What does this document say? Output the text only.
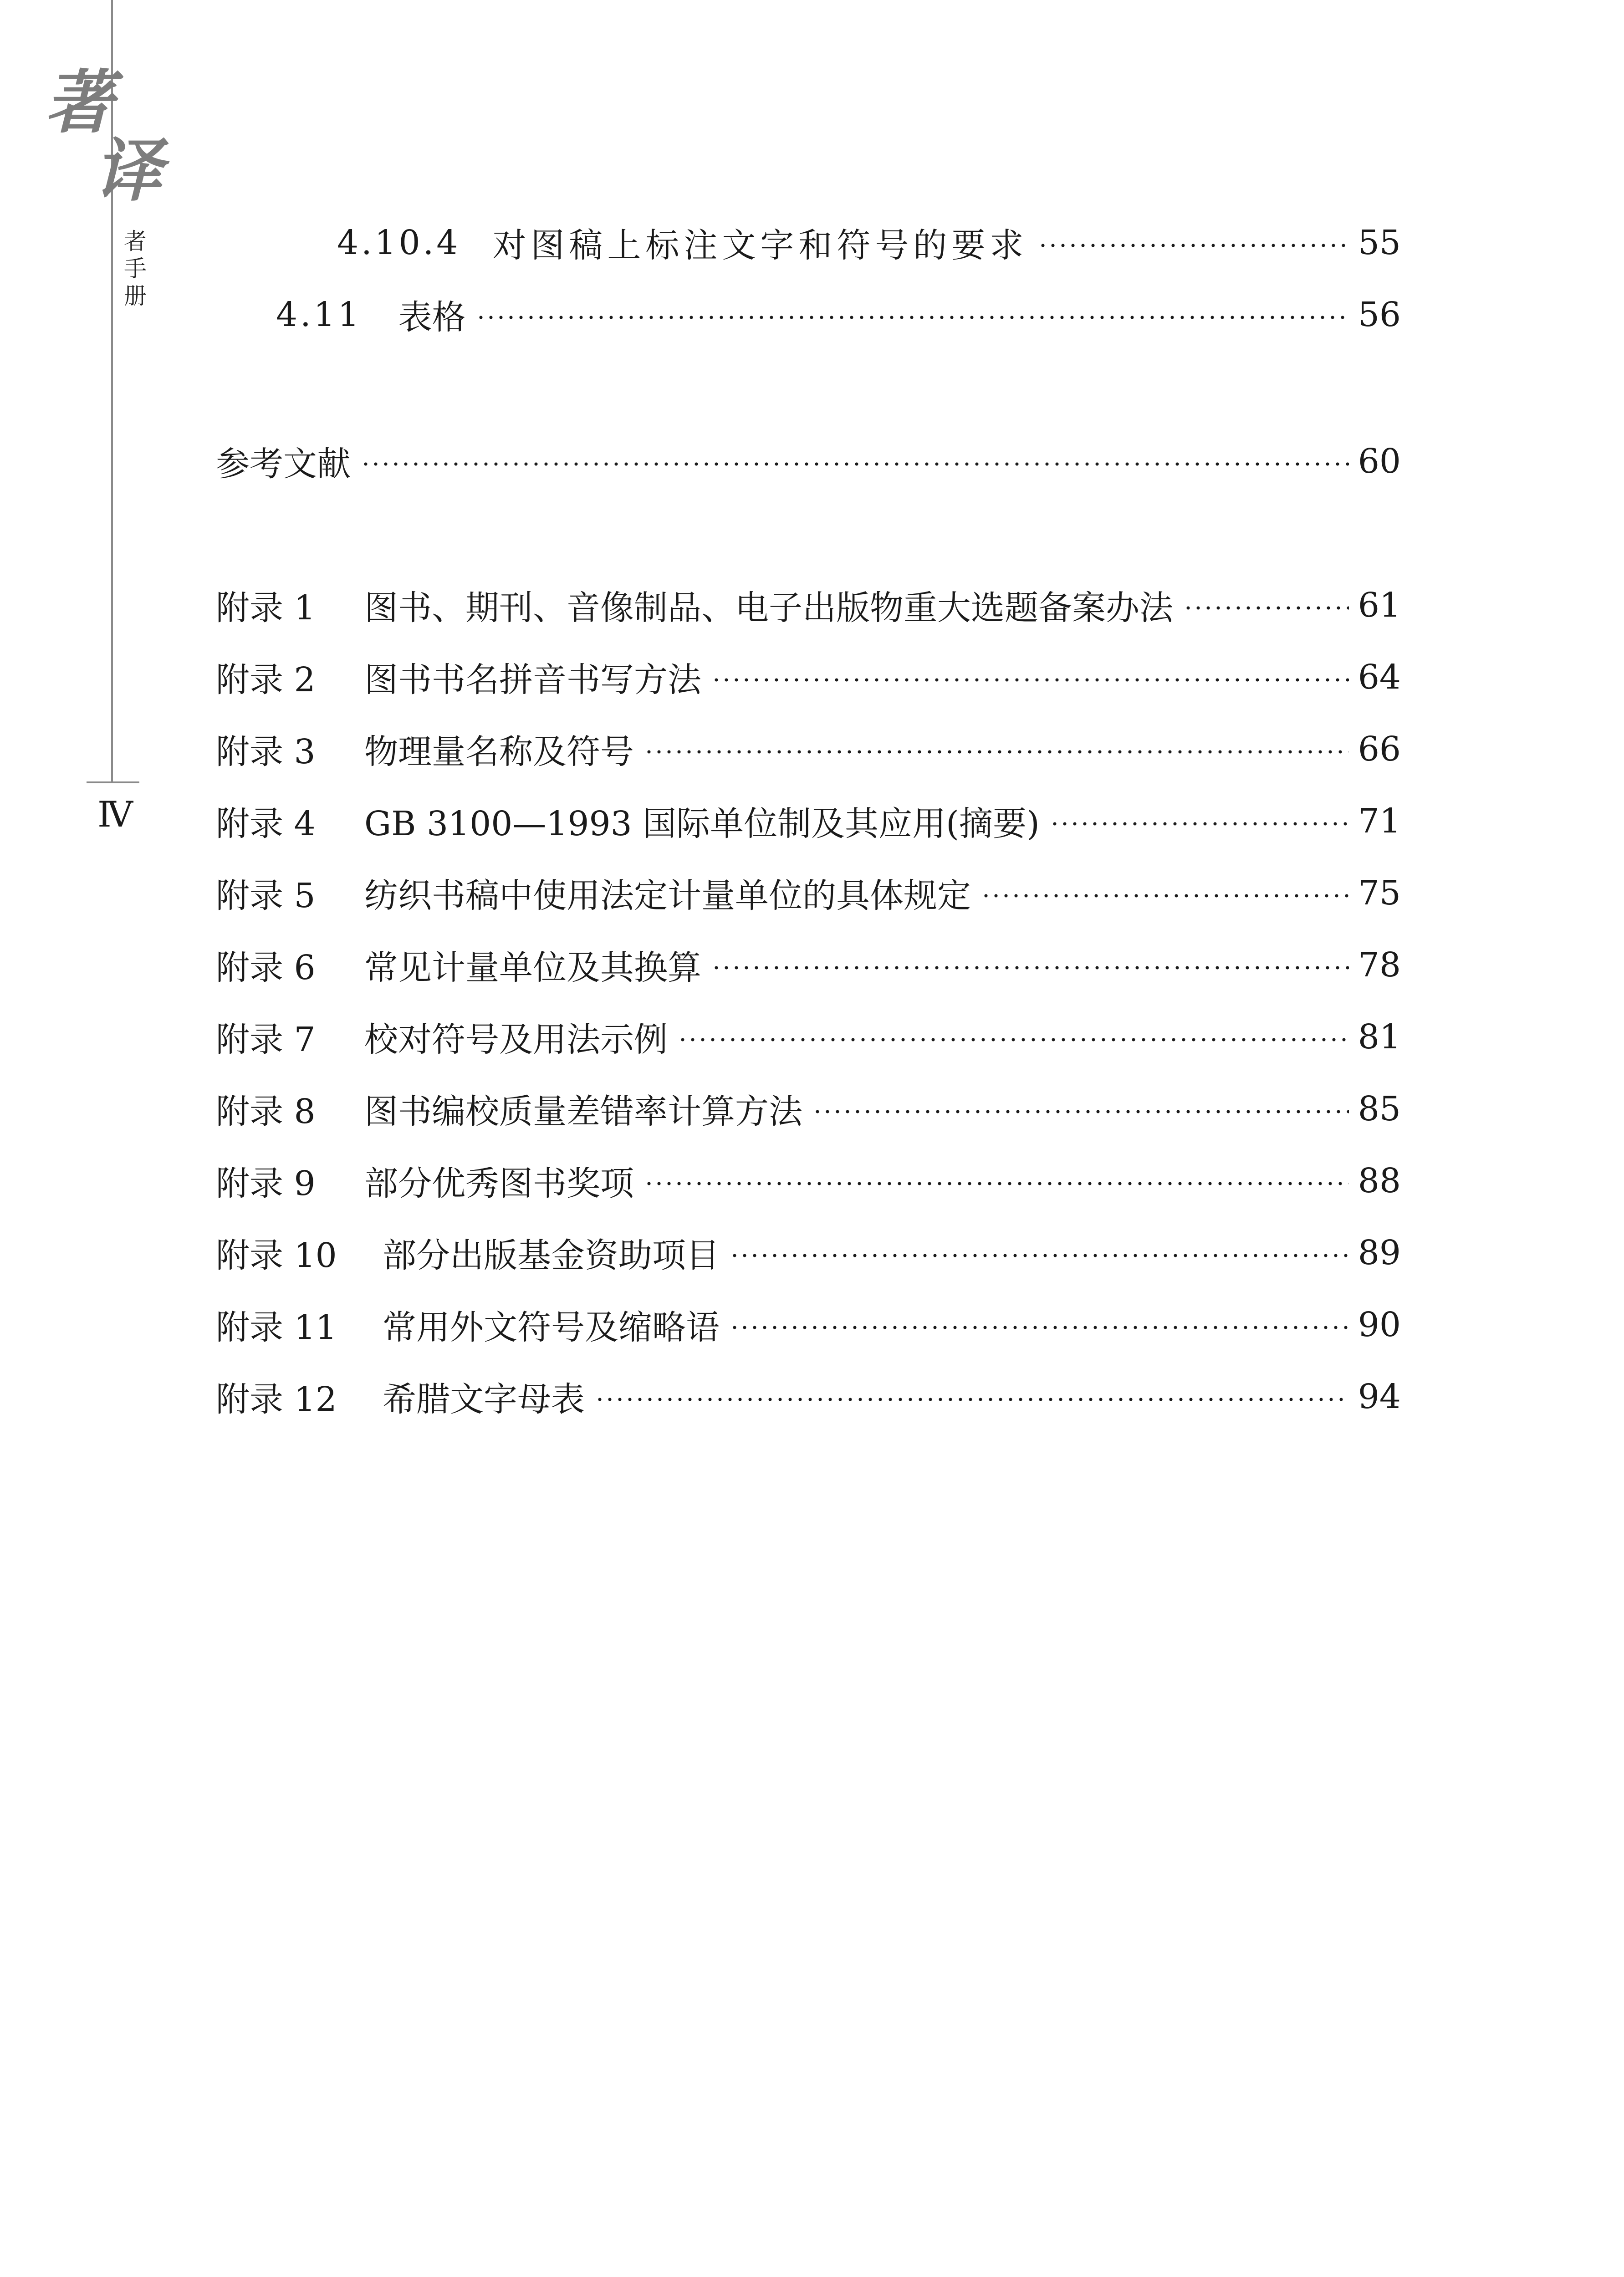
著
译
者
手
册
Ⅳ
4.10.4 对图稿上标注文字和符号的要求	55
4.11 表格	56
参考文献	60
附录 1	图书、期刊、音像制品、电子出版物重大选题备案办法	61
附录 2	图书书名拼音书写方法	64
附录 3	物理量名称及符号	66
附录 4	GB 3100—1993 国际单位制及其应用(摘要)	71
附录 5	纺织书稿中使用法定计量单位的具体规定	75
附录 6	常见计量单位及其换算	78
附录 7	校对符号及用法示例	81
附录 8	图书编校质量差错率计算方法	85
附录 9	部分优秀图书奖项	88
附录 10	部分出版基金资助项目	89
附录 11	常用外文符号及缩略语	90
附录 12	希腊文字母表	94
